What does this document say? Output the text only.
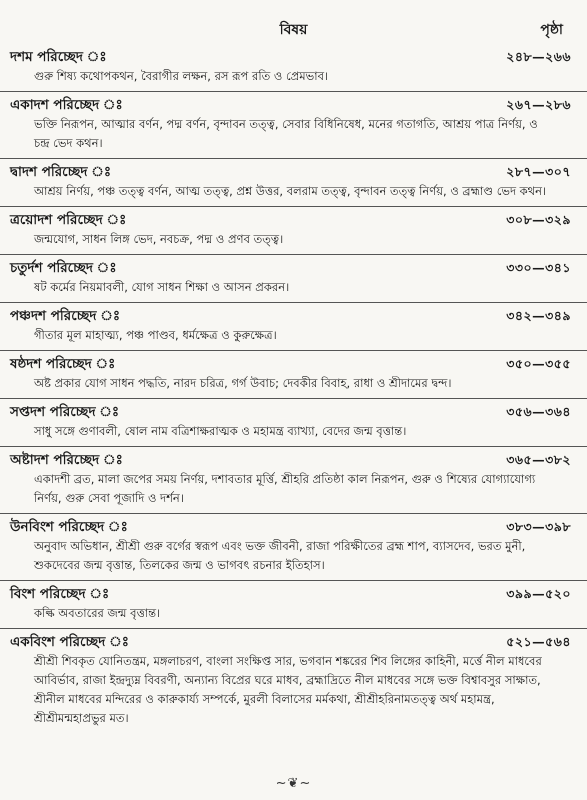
বিষয়	পৃষ্ঠা
দশম পরিচ্ছেদ ঃ	২৪৮—২৬৬
গুরু শিষ্য কথোপকথন, বৈরাগীর লক্ষন, রস রূপ রতি ও প্রেমভাব।
একাদশ পরিচ্ছেদ ঃ	২৬৭—২৮৬
ভক্তি নিরূপন, আত্মার বর্ণন, পদ্ম বর্ণন, বৃন্দাবন তত্ত্ব, সেবার বিধিনিষেধ, মনের গতাগতি, আশ্রয় পাত্র নির্ণয়, ও চন্দ্র ভেদ কথন।
দ্বাদশ পরিচ্ছেদ ঃ	২৮৭—৩০৭
আশ্রয় নির্ণয়, পঞ্চ তত্ত্ব বর্ণন, আত্ম তত্ত্ব, প্রশ্ন উত্তর, বলরাম তত্ত্ব, বৃন্দাবন তত্ত্ব নির্ণয়, ও ব্রহ্মাণ্ড ভেদ কথন।
ত্রয়োদশ পরিচ্ছেদ ঃ	৩০৮—৩২৯
জন্মযোগ, সাধন লিঙ্গ ভেদ, নবচক্র, পদ্ম ও প্রণব তত্ত্ব।
চতুর্দশ পরিচ্ছেদ ঃ	৩৩০—৩৪১
ষট কর্মের নিয়মাবলী, যোগ সাধন শিক্ষা ও আসন প্রকরন।
পঞ্চদশ পরিচ্ছেদ ঃ	৩৪২—৩৪৯
গীতার মূল মাহাত্ম্য, পঞ্চ পাণ্ডব, ধর্মক্ষেত্র ও কুরুক্ষেত্র।
ষষ্ঠদশ পরিচ্ছেদ ঃ	৩৫০—৩৫৫
অষ্ট প্রকার যোগ সাধন পদ্ধতি, নারদ চরিত্র, গর্গ উবাচ; দেবকীর বিবাহ, রাধা ও শ্রীদামের দ্বন্দ।
সপ্তদশ পরিচ্ছেদ ঃ	৩৫৬—৩৬৪
সাধু সঙ্গে গুণাবলী, ষোল নাম বত্রিশাক্ষরাত্মক ও মহামন্ত্র ব্যাখ্যা, বেদের জন্ম বৃত্তান্ত।
অষ্টাদশ পরিচ্ছেদ ঃ	৩৬৫—৩৮২
একাদশী ব্রত, মালা জপের সময় নির্ণয়, দশাবতার মূর্ত্তি, শ্রীহরি প্রতিষ্ঠা কাল নিরূপন, গুরু ও শিষ্যের যোগ্যাযোগ্য নির্ণয়, গুরু সেবা পূজাদি ও দর্শন।
উনবিংশ পরিচ্ছেদ ঃ	৩৮৩—৩৯৮
অনুবাদ অভিধান, শ্রীশ্রী গুরু বর্গের স্বরূপ এবং ভক্ত জীবনী, রাজা পরিক্ষীতের ব্রহ্ম শাপ, ব্যাসদেব, ভরত মুনী, শুকদেবের জন্ম বৃত্তান্ত, তিলকের জন্ম ও ভাগবৎ রচনার ইতিহাস।
বিংশ পরিচ্ছেদ ঃ	৩৯৯—৫২০
কল্কি অবতারের জন্ম বৃত্তান্ত।
একবিংশ পরিচ্ছেদ ঃ	৫২১—৫৬৪
শ্রীশ্রী শিবকৃত যোনিতন্ত্রম, মঙ্গলাচরণ, বাংলা সংক্ষিপ্ত সার, ভগবান শঙ্করের শিব লিঙ্গের কাহিনী, মর্ত্তে নীল মাধবের আবির্ভাব, রাজা ইন্দ্রদ্যুম্ন বিবরণী, অন্যান্য বিপ্রের ঘরে মাধব, ব্রহ্মাদ্রিতে নীল মাধবের সঙ্গে ভক্ত বিশ্বাবসুর সাক্ষাত, শ্রীনীল মাধবের মন্দিরের ও কারুকার্য্য সম্পর্কে, মুরলী বিলাসের মর্মকথা, শ্রীশ্রীহরিনামতত্ত্ব অর্থ মহামন্ত্র, শ্রীশ্রীমন্মহাপ্রভুর মত।
~❦~
